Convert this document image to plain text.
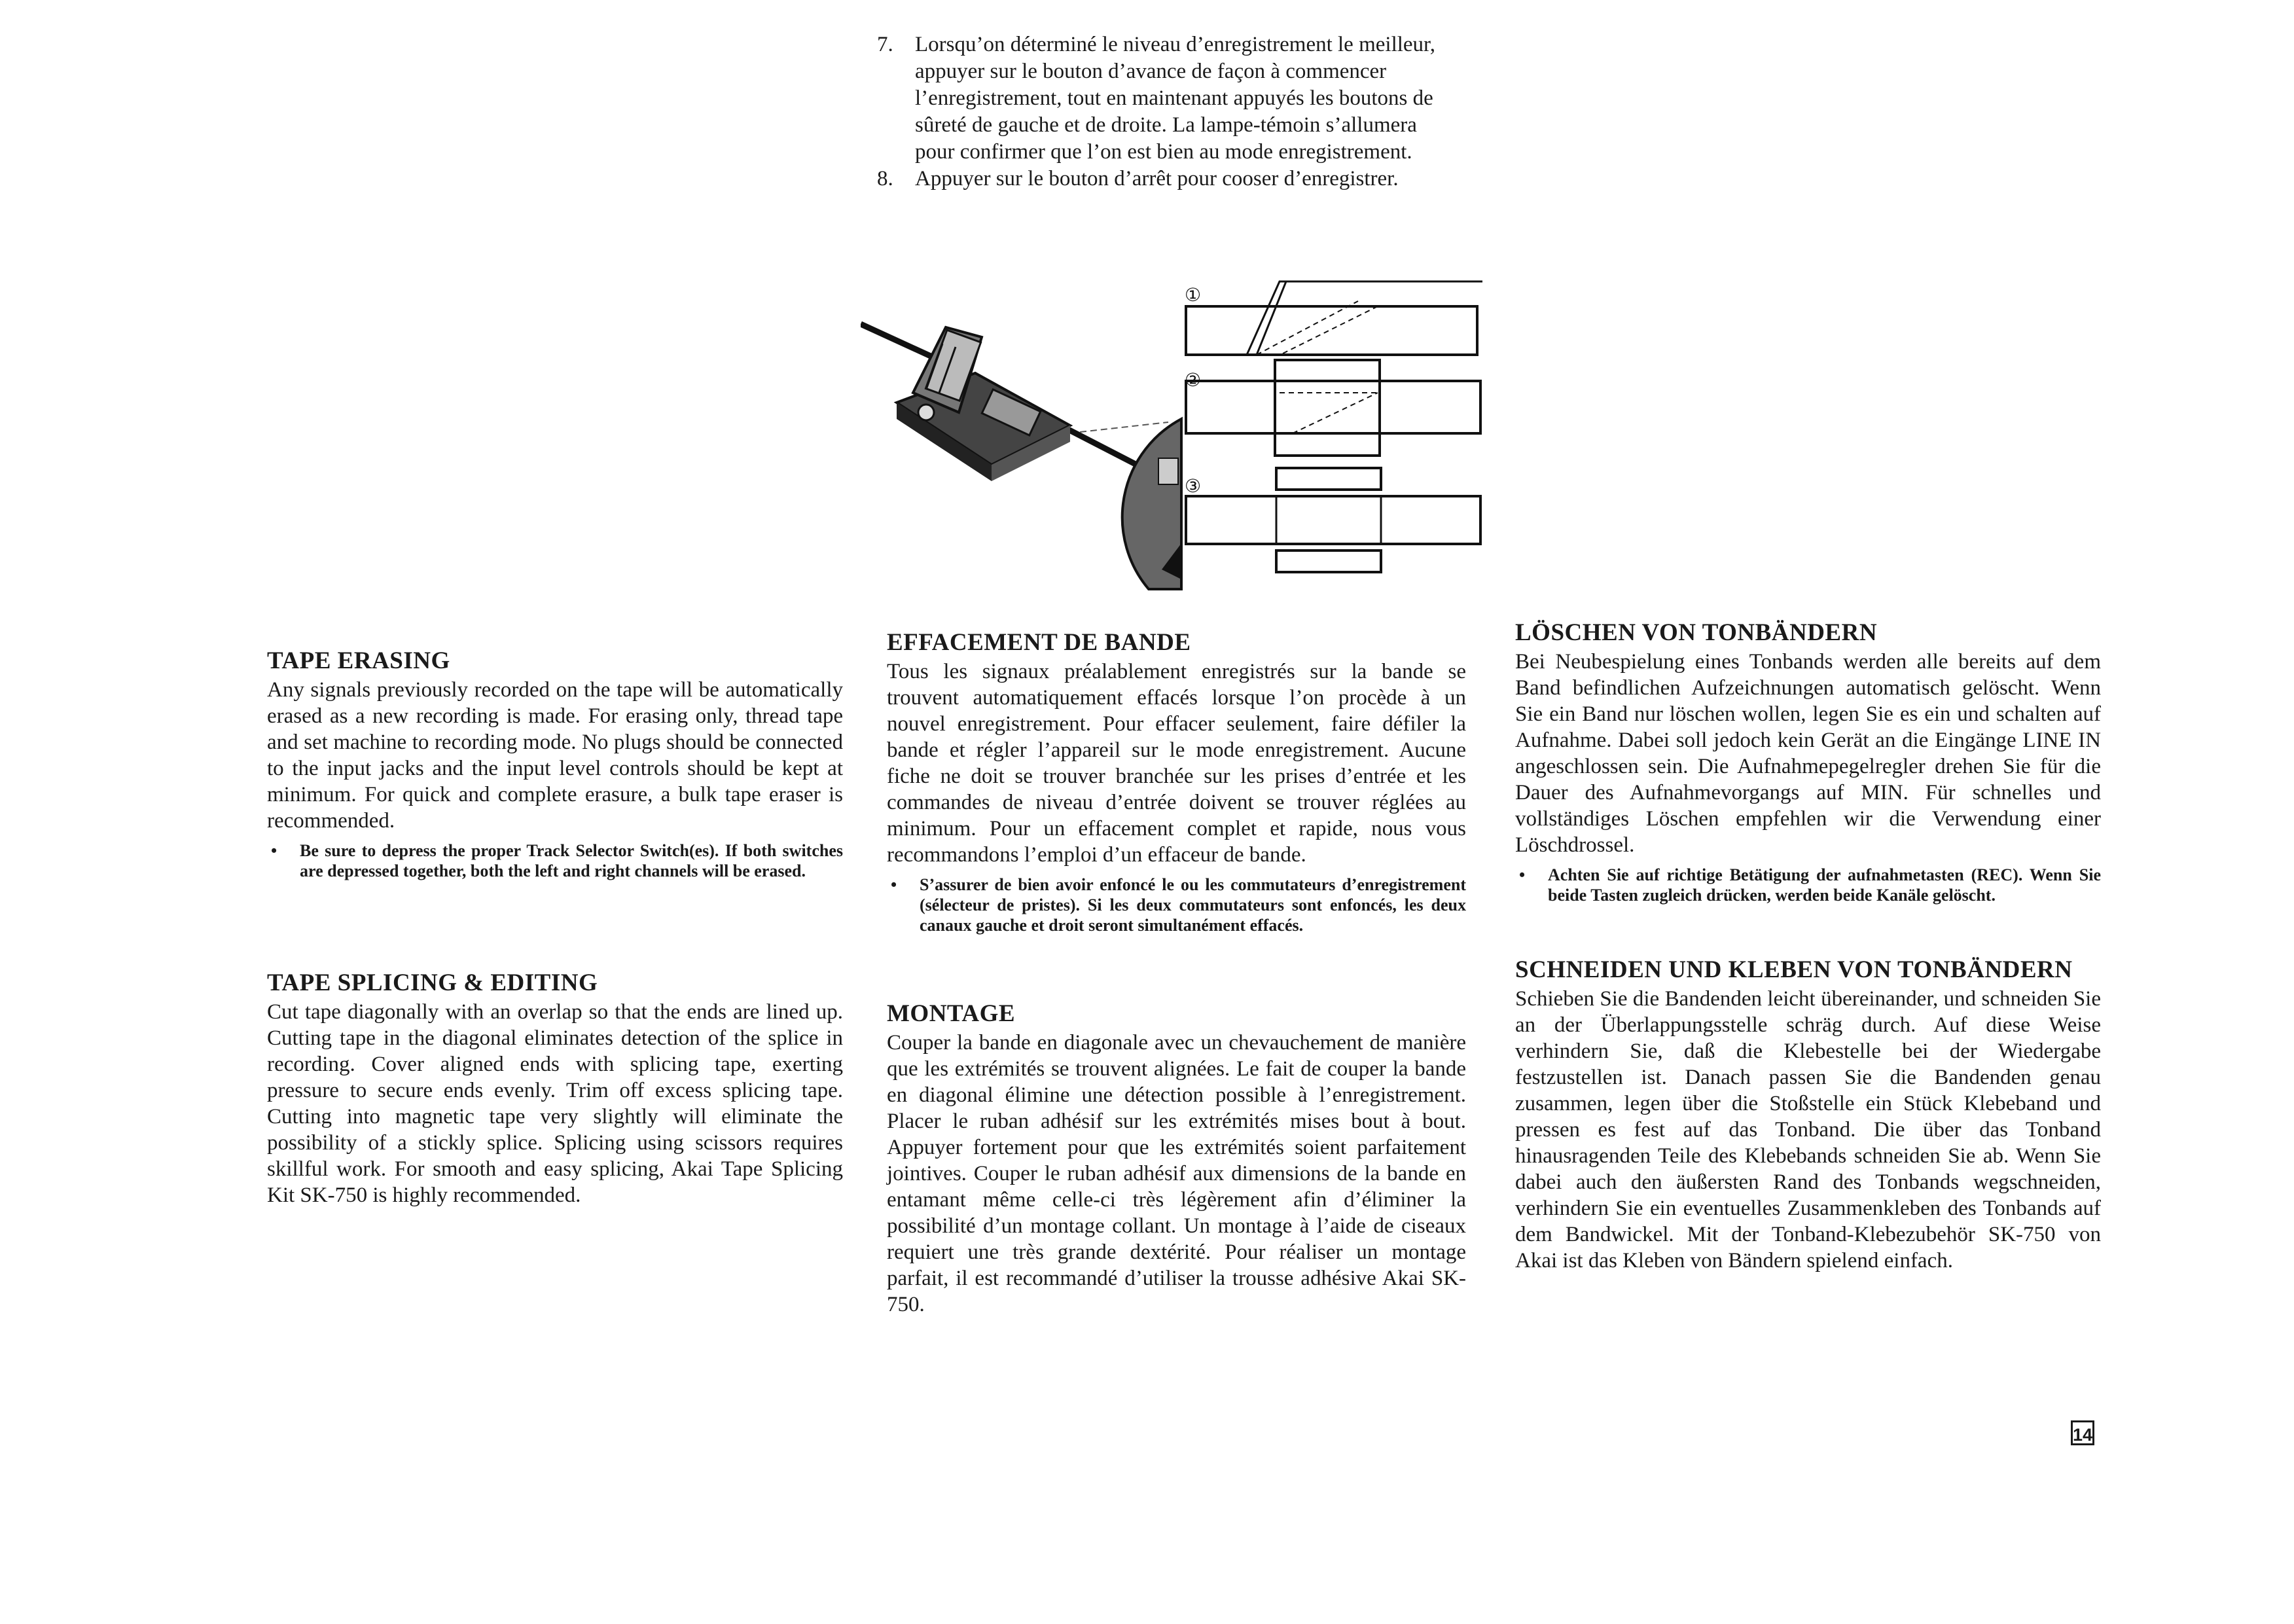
7. Lorsqu’on déterminé le niveau d’enregistrement le meilleur, appuyer sur le bouton d’avance de façon à commencer l’enregistrement, tout en maintenant appuyés les boutons de sûreté de gauche et de droite. La lampe-témoin s’allumera pour confirmer que l’on est bien au mode enregistrement.
8. Appuyer sur le bouton d’arrêt pour cooser d’enregistrer.
①
②
③
TAPE ERASING

Any signals previously recorded on the tape will be automatically erased as a new recording is made. For erasing only, thread tape and set machine to recording mode. No plugs should be connected to the input jacks and the input level controls should be kept at minimum. For quick and complete erasure, a bulk tape eraser is recommended.

• Be sure to depress the proper Track Selector Switch(es). If both switches are depressed together, both the left and right channels will be erased.

TAPE SPLICING & EDITING

Cut tape diagonally with an overlap so that the ends are lined up. Cutting tape in the diagonal eliminates detection of the splice in recording. Cover aligned ends with splicing tape, exerting pressure to secure ends evenly. Trim off excess splicing tape. Cutting into magnetic tape very slightly will eliminate the possibility of a stickly splice. Splicing using scissors requires skillful work. For smooth and easy splicing, Akai Tape Splicing Kit SK-750 is highly recommended.

EFFACEMENT DE BANDE

Tous les signaux préalablement enregistrés sur la bande se trouvent automatiquement effacés lorsque l’on procède à un nouvel enregistrement. Pour effacer seulement, faire défiler la bande et régler l’appareil sur le mode enregistrement. Aucune fiche ne doit se trouver branchée sur les prises d’entrée et les commandes de niveau d’entrée doivent se trouver réglées au minimum. Pour un effacement complet et rapide, nous vous recommandons l’emploi d’un effaceur de bande.

• S’assurer de bien avoir enfoncé le ou les commutateurs d’enregistrement (sélecteur de pristes). Si les deux commutateurs sont enfoncés, les deux canaux gauche et droit seront simultanément effacés.

MONTAGE

Couper la bande en diagonale avec un chevauchement de manière que les extrémités se trouvent alignées. Le fait de couper la bande en diagonal élimine une détection possible à l’enregistrement. Placer le ruban adhésif sur les extrémités mises bout à bout. Appuyer fortement pour que les extrémités soient parfaitement jointives. Couper le ruban adhésif aux dimensions de la bande en entamant même celle-ci très légèrement afin d’éliminer la possibilité d’un montage collant. Un montage à l’aide de ciseaux requiert une très grande dextérité. Pour réaliser un montage parfait, il est recommandé d’utiliser la trousse adhésive Akai SK-750.

LÖSCHEN VON TONBÄNDERN

Bei Neubespielung eines Tonbands werden alle bereits auf dem Band befindlichen Aufzeichnungen automatisch gelöscht. Wenn Sie ein Band nur löschen wollen, legen Sie es ein und schalten auf Aufnahme. Dabei soll jedoch kein Gerät an die Eingänge LINE IN angeschlossen sein. Die Aufnahmepegelregler drehen Sie für die Dauer des Aufnahmevorgangs auf MIN. Für schnelles und vollständiges Löschen empfehlen wir die Verwendung einer Löschdrossel.

• Achten Sie auf richtige Betätigung der aufnahmetasten (REC). Wenn Sie beide Tasten zugleich drücken, werden beide Kanäle gelöscht.

SCHNEIDEN UND KLEBEN VON TONBÄNDERN

Schieben Sie die Bandenden leicht übereinander, und schneiden Sie an der Überlappungsstelle schräg durch. Auf diese Weise verhindern Sie, daß die Klebestelle bei der Wiedergabe festzustellen ist. Danach passen Sie die Bandenden genau zusammen, legen über die Stoßstelle ein Stück Klebeband und pressen es fest auf das Tonband. Die über das Tonband hinausragenden Teile des Klebebands schneiden Sie ab. Wenn Sie dabei auch den äußersten Rand des Tonbands wegschneiden, verhindern Sie ein eventuelles Zusammenkleben des Tonbands auf dem Bandwickel. Mit der Tonband-Klebezubehör SK-750 von Akai ist das Kleben von Bändern spielend einfach.

14
